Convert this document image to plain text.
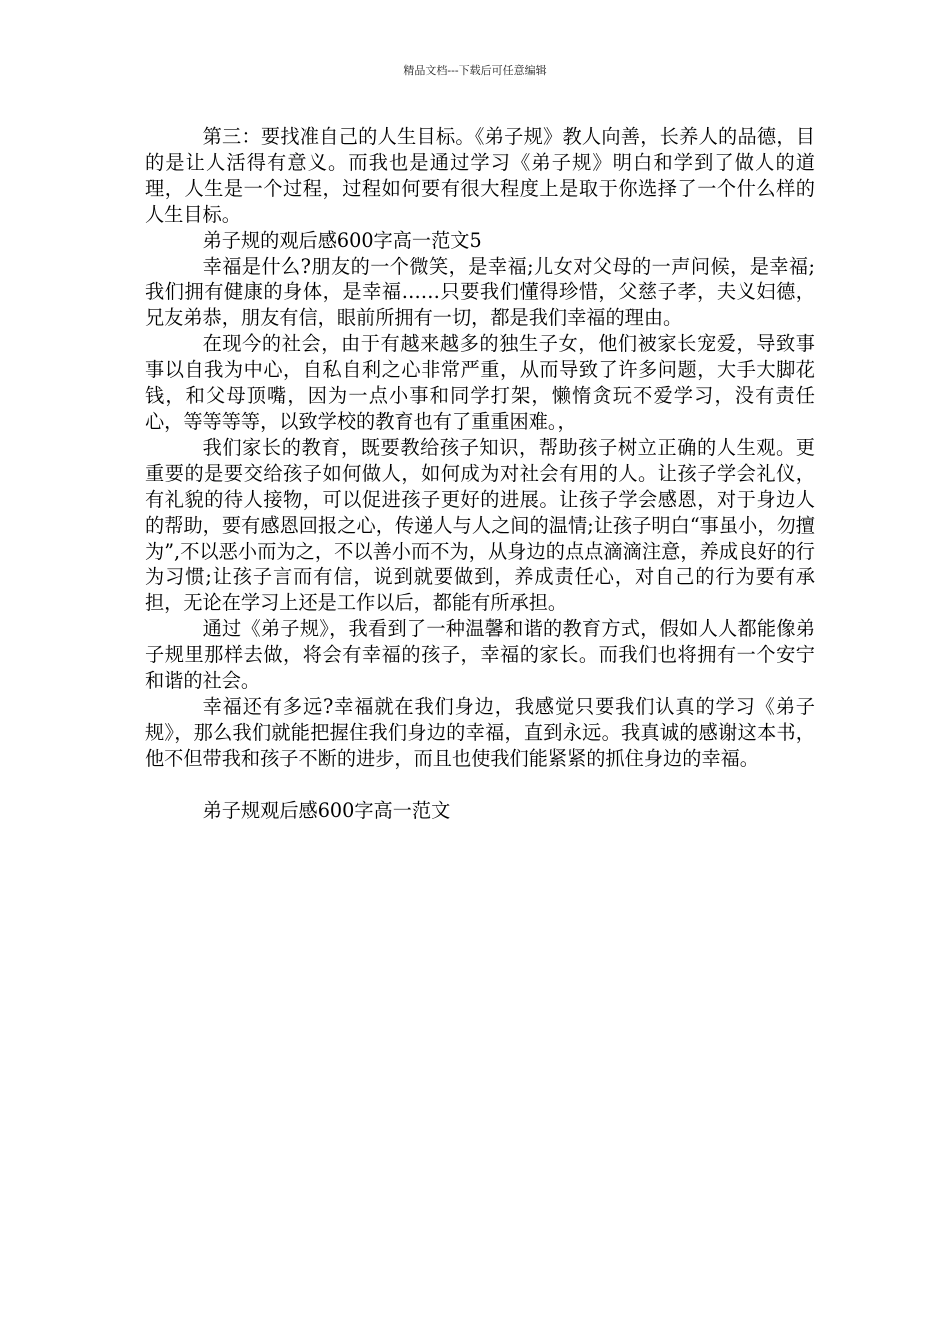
精品文档---下载后可任意编辑

第三：要找准自己的人生目标。《弟子规》教人向善，长养人的品德，目的是让人活得有意义。而我也是通过学习《弟子规》明白和学到了做人的道理，人生是一个过程，过程如何要有很大程度上是取于你选择了一个什么样的人生目标。

弟子规的观后感600字高一范文5

幸福是什么?朋友的一个微笑，是幸福;儿女对父母的一声问候，是幸福;我们拥有健康的身体，是幸福……只要我们懂得珍惜，父慈子孝，夫义妇德，兄友弟恭，朋友有信，眼前所拥有一切，都是我们幸福的理由。

在现今的社会，由于有越来越多的独生子女，他们被家长宠爱，导致事事以自我为中心，自私自利之心非常严重，从而导致了许多问题，大手大脚花钱，和父母顶嘴，因为一点小事和同学打架，懒惰贪玩不爱学习，没有责任心，等等等等，以致学校的教育也有了重重困难。，

我们家长的教育，既要教给孩子知识，帮助孩子树立正确的人生观。更重要的是要交给孩子如何做人，如何成为对社会有用的人。让孩子学会礼仪，有礼貌的待人接物，可以促进孩子更好的进展。让孩子学会感恩，对于身边人的帮助，要有感恩回报之心，传递人与人之间的温情;让孩子明白“事虽小，勿擅为”,不以恶小而为之，不以善小而不为，从身边的点点滴滴注意，养成良好的行为习惯;让孩子言而有信，说到就要做到，养成责任心，对自己的行为要有承担，无论在学习上还是工作以后，都能有所承担。

通过《弟子规》，我看到了一种温馨和谐的教育方式，假如人人都能像弟子规里那样去做，将会有幸福的孩子，幸福的家长。而我们也将拥有一个安宁和谐的社会。

幸福还有多远?幸福就在我们身边，我感觉只要我们认真的学习《弟子规》，那么我们就能把握住我们身边的幸福，直到永远。我真诚的感谢这本书，他不但带我和孩子不断的进步，而且也使我们能紧紧的抓住身边的幸福。

弟子规观后感600字高一范文
